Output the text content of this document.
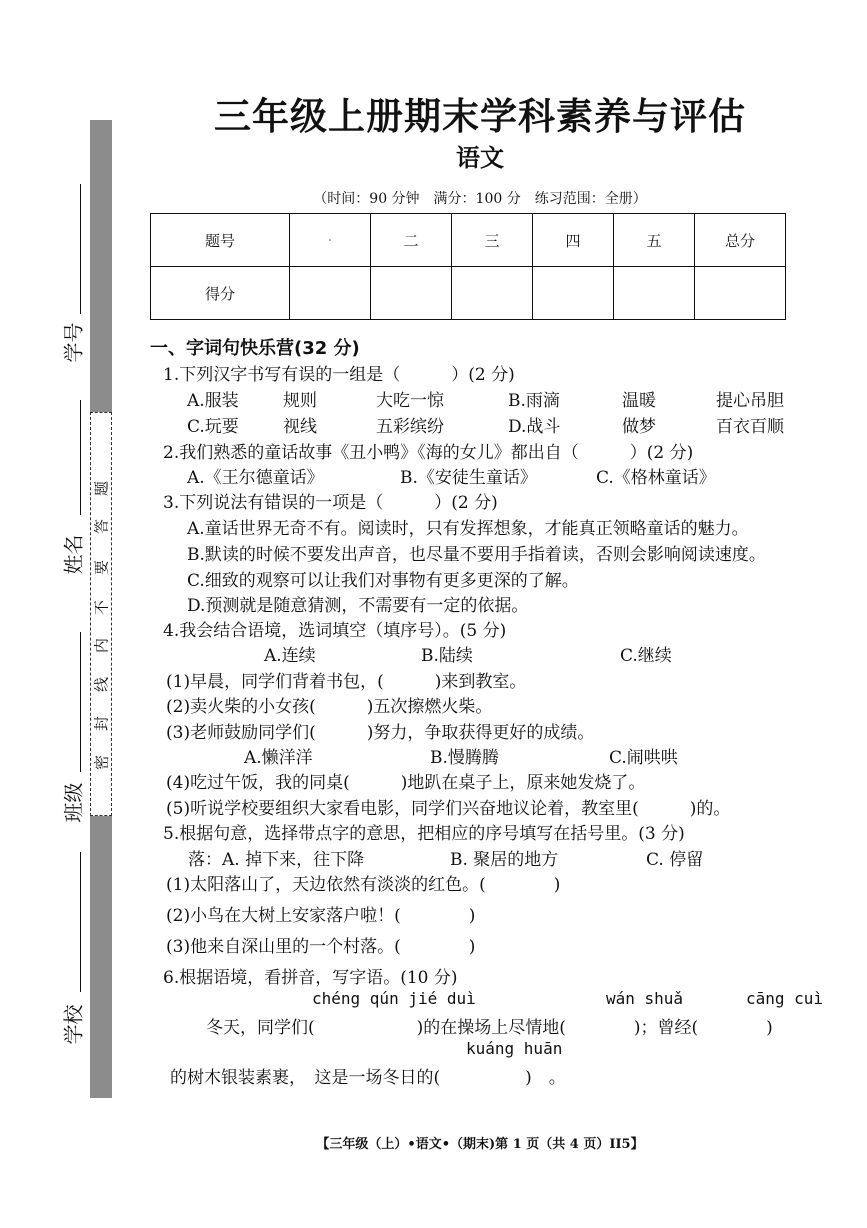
题
答
要
不
内
线
封
密
学号
姓名
班级
学校
三年级上册期末学科素养与评估
语文
（时间：90 分钟　满分：100 分　练习范围：全册）
题号	·	二	三	四	五	总分
得分						
一、字词句快乐营(32 分)
1.下列汉字书写有误的一组是（　　　）(2 分)
A.服装	规则	大吃一惊	B.雨滴	温暖	提心吊胆
C.玩要	视线	五彩缤纷	D.战斗	做梦	百衣百顺
2.我们熟悉的童话故事《丑小鸭》《海的女儿》都出自（　　　）(2 分)
A.《王尔德童话》	B.《安徒生童话》	C.《格林童话》
3.下列说法有错误的一项是（　　　）(2 分)
A.童话世界无奇不有。阅读时，只有发挥想象，才能真正领略童话的魅力。
B.默读的时候不要发出声音，也尽量不要用手指着读，否则会影响阅读速度。
C.细致的观察可以让我们对事物有更多更深的了解。
D.预测就是随意猜测，不需要有一定的依据。
4.我会结合语境，选词填空（填序号）。(5 分)
A.连续	B.陆续	C.继续
(1)早晨，同学们背着书包，(　　　)来到教室。
(2)卖火柴的小女孩(　　　)五次擦燃火柴。
(3)老师鼓励同学们(　　　)努力，争取获得更好的成绩。
A.懒洋洋	B.慢腾腾	C.闹哄哄
(4)吃过午饭，我的同桌(　　　)地趴在桌子上，原来她发烧了。
(5)听说学校要组织大家看电影，同学们兴奋地议论着，教室里(　　　)的。
5.根据句意，选择带点字的意思，把相应的序号填写在括号里。(3 分)
落：A. 掉下来，往下降	B. 聚居的地方	C. 停留
(1)太阳落山了，天边依然有淡淡的红色。(　　　　)
(2)小鸟在大树上安家落户啦！(　　　　)
(3)他来自深山里的一个村落。(　　　　)
6.根据语境，看拼音，写字语。(10 分)
chéng qún jié duì	wán shuǎ	cāng cuì
冬天，同学们(　　　　　　)的在操场上尽情地(　　　　)；曾经(　　　　)
kuáng huān
的树木银装素裹，　这是一场冬日的(　　　　　)　。
【三年级（上）•语文•（期末)第 1 页（共 4 页）II5】
